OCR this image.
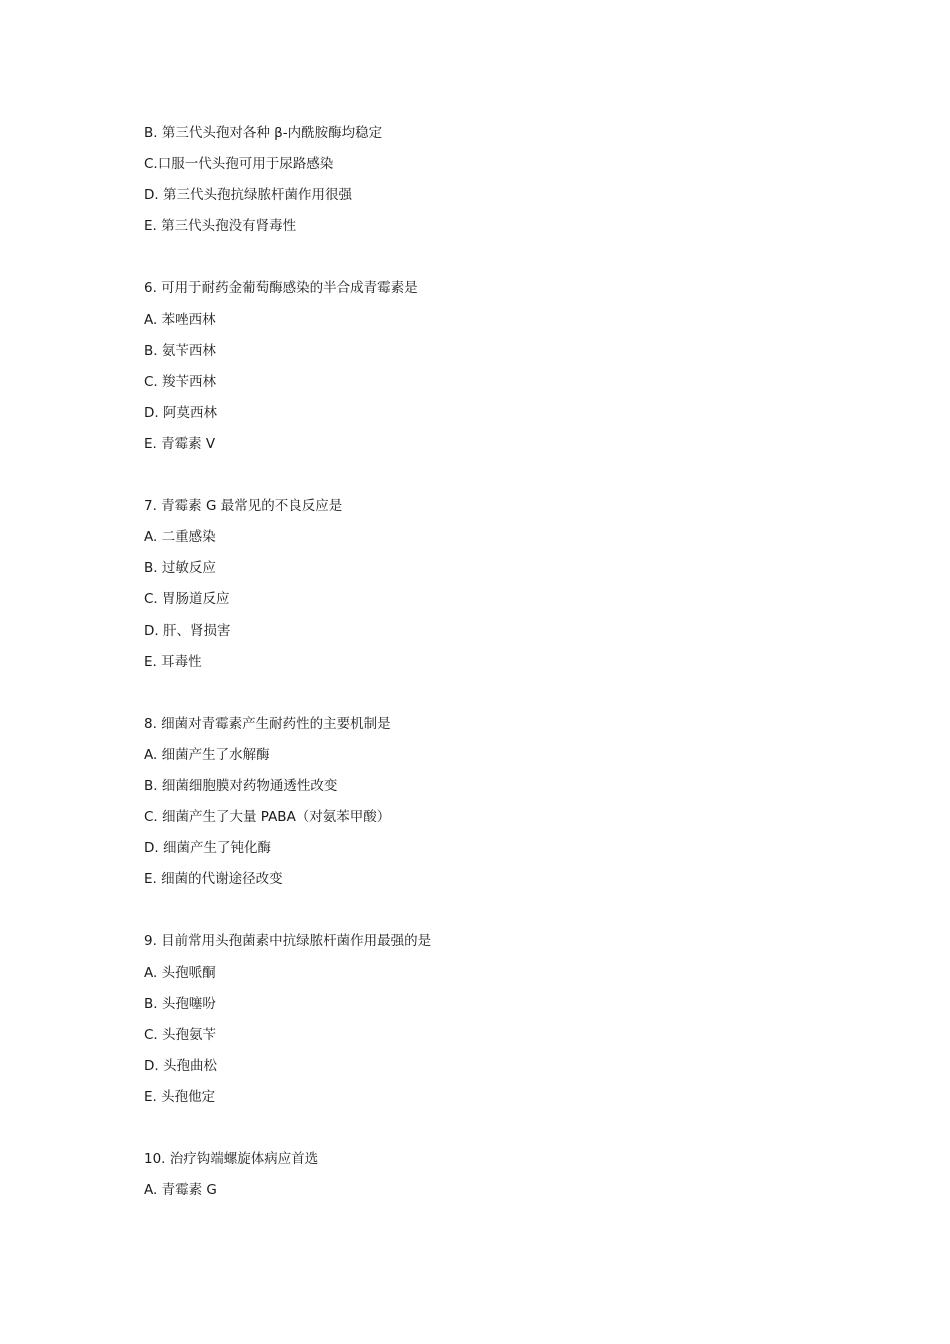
B. 第三代头孢对各种 β-内酰胺酶均稳定
C.口服一代头孢可用于尿路感染
D. 第三代头孢抗绿脓杆菌作用很强
E. 第三代头孢没有肾毒性
6. 可用于耐药金葡萄酶感染的半合成青霉素是
A. 苯唑西林
B. 氨苄西林
C. 羧苄西林
D. 阿莫西林
E. 青霉素 V
7. 青霉素 G 最常见的不良反应是
A. 二重感染
B. 过敏反应
C. 胃肠道反应
D. 肝、肾损害
E. 耳毒性
8. 细菌对青霉素产生耐药性的主要机制是
A. 细菌产生了水解酶
B. 细菌细胞膜对药物通透性改变
C. 细菌产生了大量 PABA（对氨苯甲酸）
D. 细菌产生了钝化酶
E. 细菌的代谢途径改变
9. 目前常用头孢菌素中抗绿脓杆菌作用最强的是
A. 头孢哌酮
B. 头孢噻吩
C. 头孢氨苄
D. 头孢曲松
E. 头孢他定
10. 治疗钩端螺旋体病应首选
A. 青霉素 G
